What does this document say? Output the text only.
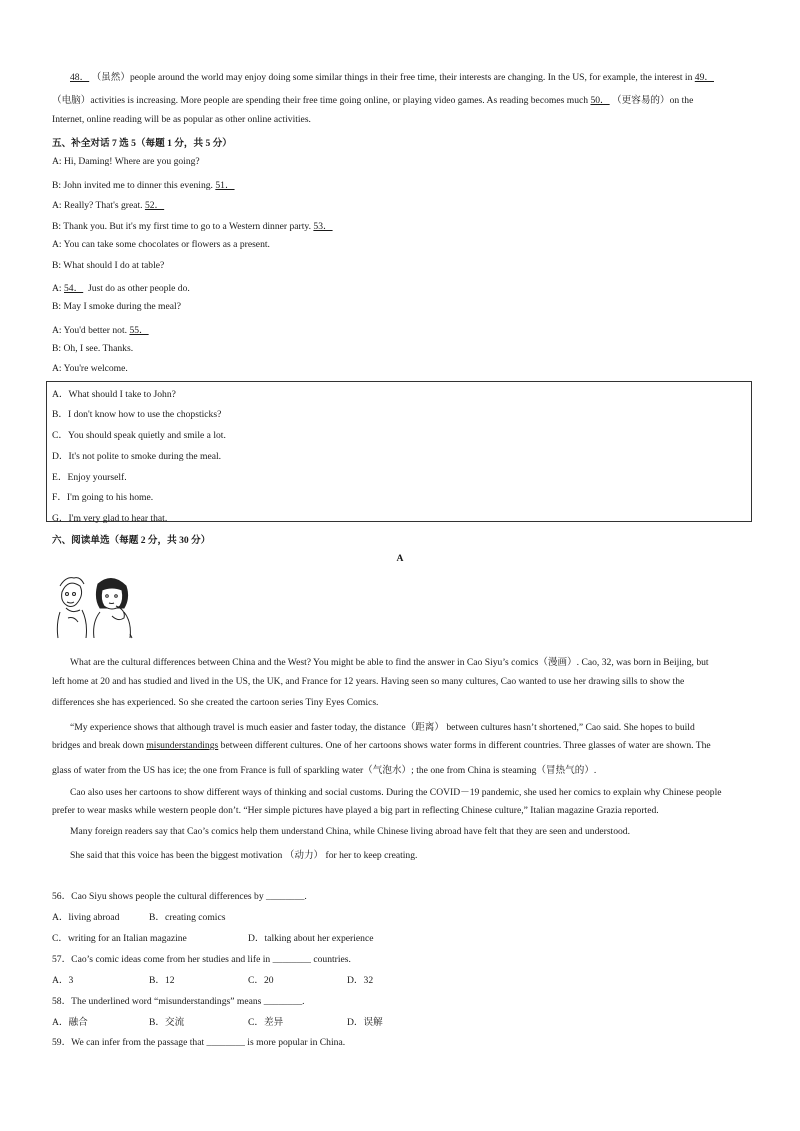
48． （虽然）people around the world may enjoy doing some similar things in their free time, their interests are changing. In the US, for example, the interest in 49．
（电脑）activities is increasing. More people are spending their free time going online, or playing video games. As reading becomes much 50． （更容易的）on the
Internet, online reading will be as popular as other online activities.
五、补全对话 7 选 5（每题 1 分，共 5 分）
A: Hi, Daming! Where are you going?
B: John invited me to dinner this evening. 51．
A: Really? That's great. 52．
B: Thank you. But it's my first time to go to a Western dinner party. 53．
A: You can take some chocolates or flowers as a present.
B: What should I do at table?
A: 54． Just do as other people do.
B: May I smoke during the meal?
A: You'd better not. 55．
B: Oh, I see. Thanks.
A: You're welcome.
A．What should I take to John?
B．I don't know how to use the chopsticks?
C．You should speak quietly and smile a lot.
D．It's not polite to smoke during the meal.
E．Enjoy yourself.
F．I'm going to his home.
G．I'm very glad to hear that.
六、阅读单选（每题 2 分，共 30 分）
A
What are the cultural differences between China and the West? You might be able to find the answer in Cao Siyu’s comics（漫画）. Cao, 32, was born in Beijing, but
left home at 20 and has studied and lived in the US, the UK, and France for 12 years. Having seen so many cultures, Cao wanted to use her drawing sills to show the
differences she has experienced. So she created the cartoon series Tiny Eyes Comics.
“My experience shows that although travel is much easier and faster today, the distance（距离） between cultures hasn’t shortened,” Cao said. She hopes to build
bridges and break down misunderstandings between different cultures. One of her cartoons shows water forms in different countries. Three glasses of water are shown. The
glass of water from the US has ice; the one from France is full of sparkling water（气泡水）; the one from China is steaming（冒热气的）.
Cao also uses her cartoons to show different ways of thinking and social customs. During the COVID－19 pandemic, she used her comics to explain why Chinese people
prefer to wear masks while western people don’t. “Her simple pictures have played a big part in reflecting Chinese culture,” Italian magazine Grazia reported.
Many foreign readers say that Cao’s comics help them understand China, while Chinese living abroad have felt that they are seen and understood.
She said that this voice has been the biggest motivation （动力） for her to keep creating.
56．Cao Siyu shows people the cultural differences by ________.
A．living abroad	B．creating comics
C．writing for an Italian magazine	D．talking about her experience
57．Cao’s comic ideas come from her studies and life in ________ countries.
A．3	B．12	C．20	D．32
58．The underlined word “misunderstandings” means ________.
A．融合	B．交流	C．差异	D．误解
59．We can infer from the passage that ________ is more popular in China.
